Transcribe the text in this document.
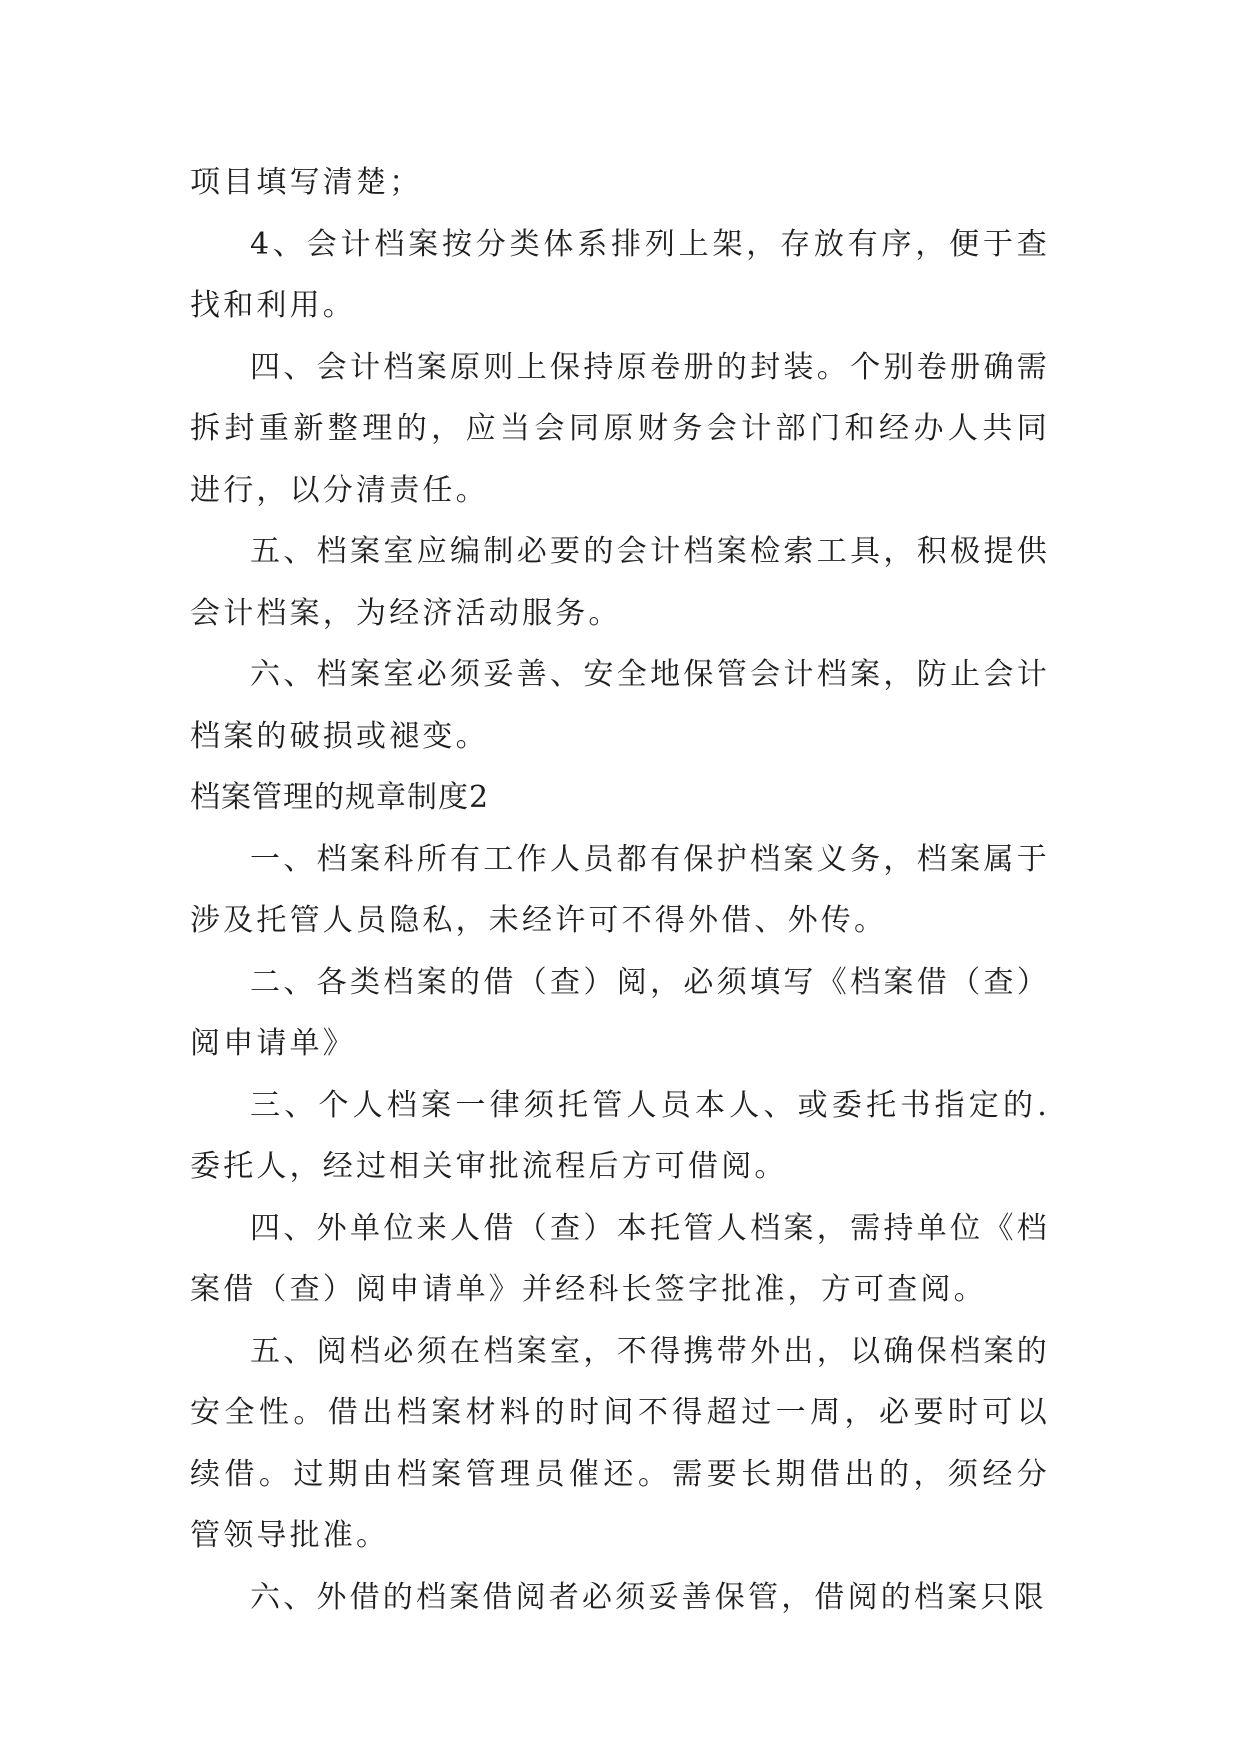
项目填写清楚；

4、会计档案按分类体系排列上架，存放有序，便于查找和利用。

四、会计档案原则上保持原卷册的封装。个别卷册确需拆封重新整理的，应当会同原财务会计部门和经办人共同进行，以分清责任。

五、档案室应编制必要的会计档案检索工具，积极提供会计档案，为经济活动服务。

六、档案室必须妥善、安全地保管会计档案，防止会计档案的破损或褪变。

档案管理的规章制度2

一、档案科所有工作人员都有保护档案义务，档案属于涉及托管人员隐私，未经许可不得外借、外传。

二、各类档案的借（查）阅，必须填写《档案借（查）阅申请单》

三、个人档案一律须托管人员本人、或委托书指定的.委托人，经过相关审批流程后方可借阅。

四、外单位来人借（查）本托管人档案，需持单位《档案借（查）阅申请单》并经科长签字批准，方可查阅。

五、阅档必须在档案室，不得携带外出，以确保档案的安全性。借出档案材料的时间不得超过一周，必要时可以续借。过期由档案管理员催还。需要长期借出的，须经分管领导批准。

六、外借的档案借阅者必须妥善保管，借阅的档案只限
